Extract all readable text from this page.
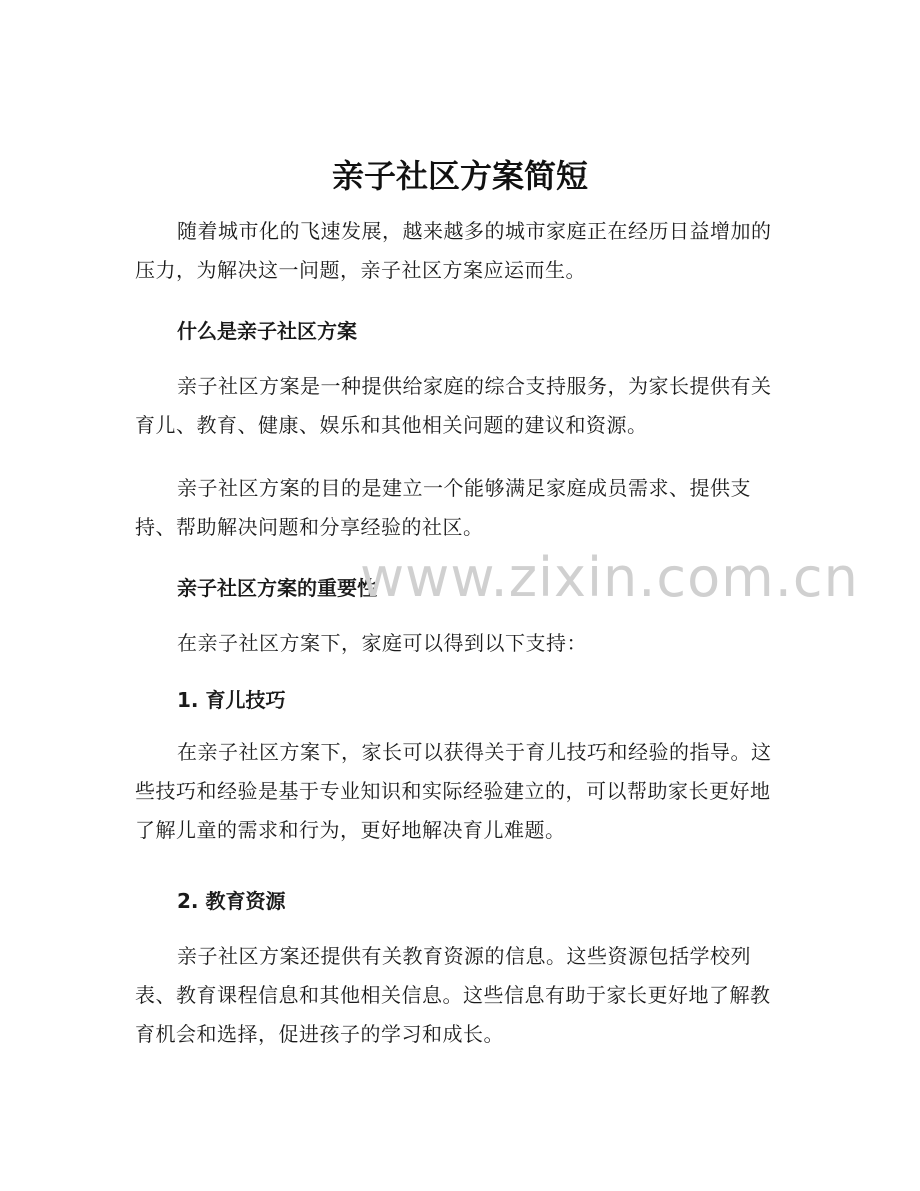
亲子社区方案简短

随着城市化的飞速发展，越来越多的城市家庭正在经历日益增加的压力，为解决这一问题，亲子社区方案应运而生。

什么是亲子社区方案

亲子社区方案是一种提供给家庭的综合支持服务，为家长提供有关育儿、教育、健康、娱乐和其他相关问题的建议和资源。

亲子社区方案的目的是建立一个能够满足家庭成员需求、提供支持、帮助解决问题和分享经验的社区。

亲子社区方案的重要性

在亲子社区方案下，家庭可以得到以下支持：

1. 育儿技巧

在亲子社区方案下，家长可以获得关于育儿技巧和经验的指导。这些技巧和经验是基于专业知识和实际经验建立的，可以帮助家长更好地了解儿童的需求和行为，更好地解决育儿难题。

2. 教育资源

亲子社区方案还提供有关教育资源的信息。这些资源包括学校列表、教育课程信息和其他相关信息。这些信息有助于家长更好地了解教育机会和选择，促进孩子的学习和成长。

www.zixin.com.cn
